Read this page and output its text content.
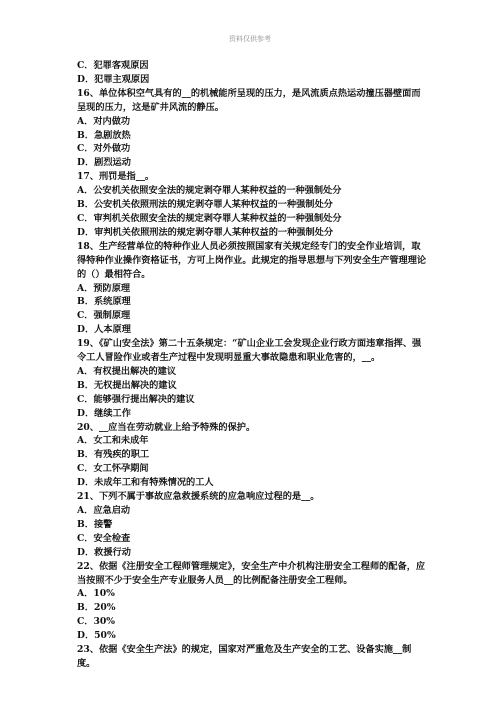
资料仅供参考
C．犯罪客观原因
D．犯罪主观原因
16、单位体积空气具有的__的机械能所呈现的压力，是风流质点热运动撞压器壁面而呈现的压力，这是矿井风流的静压。
A．对内做功
B．急剧放热
C．对外做功
D．剧烈运动
17、刑罚是指__。
A．公安机关依照安全法的规定剥夺罪人某种权益的一种强制处分
B．公安机关依照刑法的规定剥夺罪人某种权益的一种强制处分
C．审判机关依照安全法的规定剥夺罪人某种权益的一种强制处分
D．审判机关依照刑法的规定剥夺罪人某种权益的一种强制处分
18、生产经营单位的特种作业人员必须按照国家有关规定经专门的安全作业培训，取得特种作业操作资格证书，方可上岗作业。此规定的指导思想与下列安全生产管理理论的（）最相符合。
A．预防原理
B．系统原理
C．强制原理
D．人本原理
19、《矿山安全法》第二十五条规定：“矿山企业工会发现企业行政方面违章指挥、强令工人冒险作业或者生产过程中发现明显重大事故隐患和职业危害的，__。
A．有权提出解决的建议
B．无权提出解决的建议
C．能够强行提出解决的建议
D．继续工作
20、__应当在劳动就业上给予特殊的保护。
A．女工和未成年
B．有残疾的职工
C．女工怀孕期间
D．未成年工和有特殊情况的工人
21、下列不属于事故应急救援系统的应急响应过程的是__。
A．应急启动
B．接警
C．安全检查
D．救援行动
22、依据《注册安全工程师管理规定》，安全生产中介机构注册安全工程师的配备，应当按照不少于安全生产专业服务人员__的比例配备注册安全工程师。
A．10%
B．20%
C．30%
D．50%
23、依据《安全生产法》的规定，国家对严重危及生产安全的工艺、设备实施__制度。
